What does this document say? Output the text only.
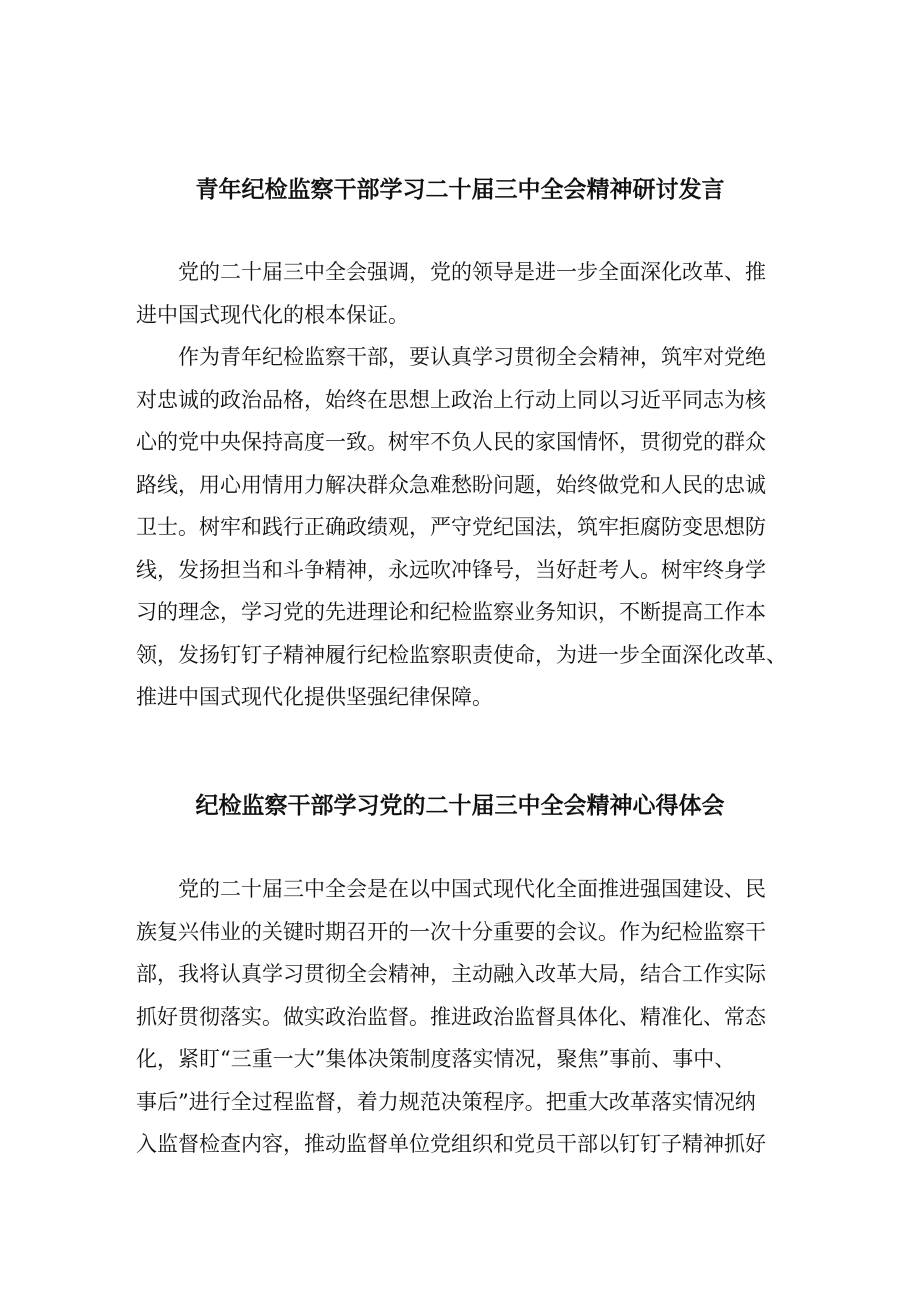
青年纪检监察干部学习二十届三中全会精神研讨发言
党的二十届三中全会强调，党的领导是进一步全面深化改革、推
进中国式现代化的根本保证。
作为青年纪检监察干部，要认真学习贯彻全会精神，筑牢对党绝
对忠诚的政治品格，始终在思想上政治上行动上同以习近平同志为核
心的党中央保持高度一致。树牢不负人民的家国情怀，贯彻党的群众
路线，用心用情用力解决群众急难愁盼问题，始终做党和人民的忠诚
卫士。树牢和践行正确政绩观，严守党纪国法，筑牢拒腐防变思想防
线，发扬担当和斗争精神，永远吹冲锋号，当好赶考人。树牢终身学
习的理念，学习党的先进理论和纪检监察业务知识，不断提高工作本
领，发扬钉钉子精神履行纪检监察职责使命，为进一步全面深化改革、
推进中国式现代化提供坚强纪律保障。
纪检监察干部学习党的二十届三中全会精神心得体会
党的二十届三中全会是在以中国式现代化全面推进强国建设、民
族复兴伟业的关键时期召开的一次十分重要的会议。作为纪检监察干
部，我将认真学习贯彻全会精神，主动融入改革大局，结合工作实际
抓好贯彻落实。做实政治监督。推进政治监督具体化、精准化、常态
化，紧盯“三重一大”集体决策制度落实情况，聚焦”事前、事中、
事后”进行全过程监督，着力规范决策程序。把重大改革落实情况纳
入监督检查内容，推动监督单位党组织和党员干部以钉钉子精神抓好
